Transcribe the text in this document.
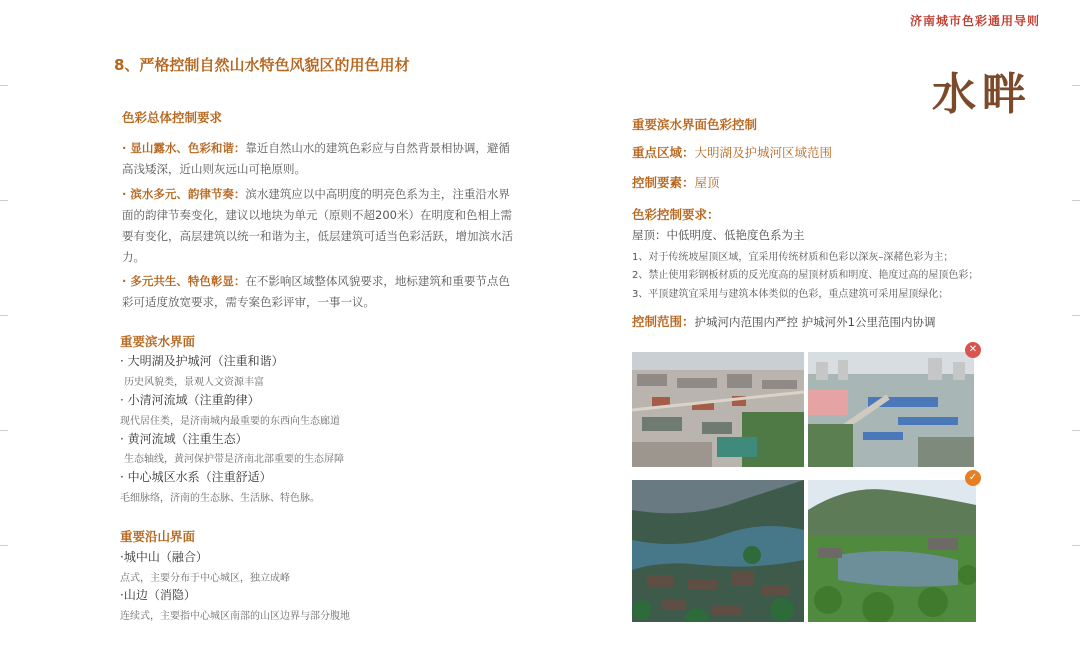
济南城市色彩通用导则
8、严格控制自然山水特色风貌区的用色用材
色彩总体控制要求
· 显山露水、色彩和谐：靠近自然山水的建筑色彩应与自然背景相协调，避循高浅矮深，近山则灰远山可艳原则。
· 滨水多元、韵律节奏：滨水建筑应以中高明度的明亮色系为主，注重沿水界面的韵律节奏变化，建议以地块为单元（原则不超200米）在明度和色相上需要有变化，高层建筑以统一和谐为主，低层建筑可适当色彩活跃，增加滨水活力。
· 多元共生、特色彰显：在不影响区域整体风貌要求，地标建筑和重要节点色彩可适度放宽要求，需专案色彩评审，一事一议。
重要滨水界面
· 大明湖及护城河（注重和谐）
历史风貌类，景观人文资源丰富
· 小清河流域（注重韵律）
现代居住类，是济南城内最重要的东西向生态廊道
· 黄河流域（注重生态）
生态轴线，黄河保护带是济南北部重要的生态屏障
· 中心城区水系（注重舒适）
毛细脉络，济南的生态脉、生活脉、特色脉。
重要沿山界面
·城中山（融合）
点式，主要分布于中心城区，独立成峰
·山边（消隐）
连续式，主要指中心城区南部的山区边界与部分腹地
水畔
重要滨水界面色彩控制
重点区域：大明湖及护城河区域范围
控制要素：屋顶
色彩控制要求：
屋顶：中低明度、低艳度色系为主
1、对于传统坡屋顶区域，宜采用传统材质和色彩以深灰–深赭色彩为主；
2、禁止使用彩钢板材质的反光度高的屋顶材质和明度、艳度过高的屋顶色彩；
3、平顶建筑宜采用与建筑本体类似的色彩，重点建筑可采用屋顶绿化；
控制范围：护城河内范围内严控 护城河外1公里范围内协调
✕
✓
